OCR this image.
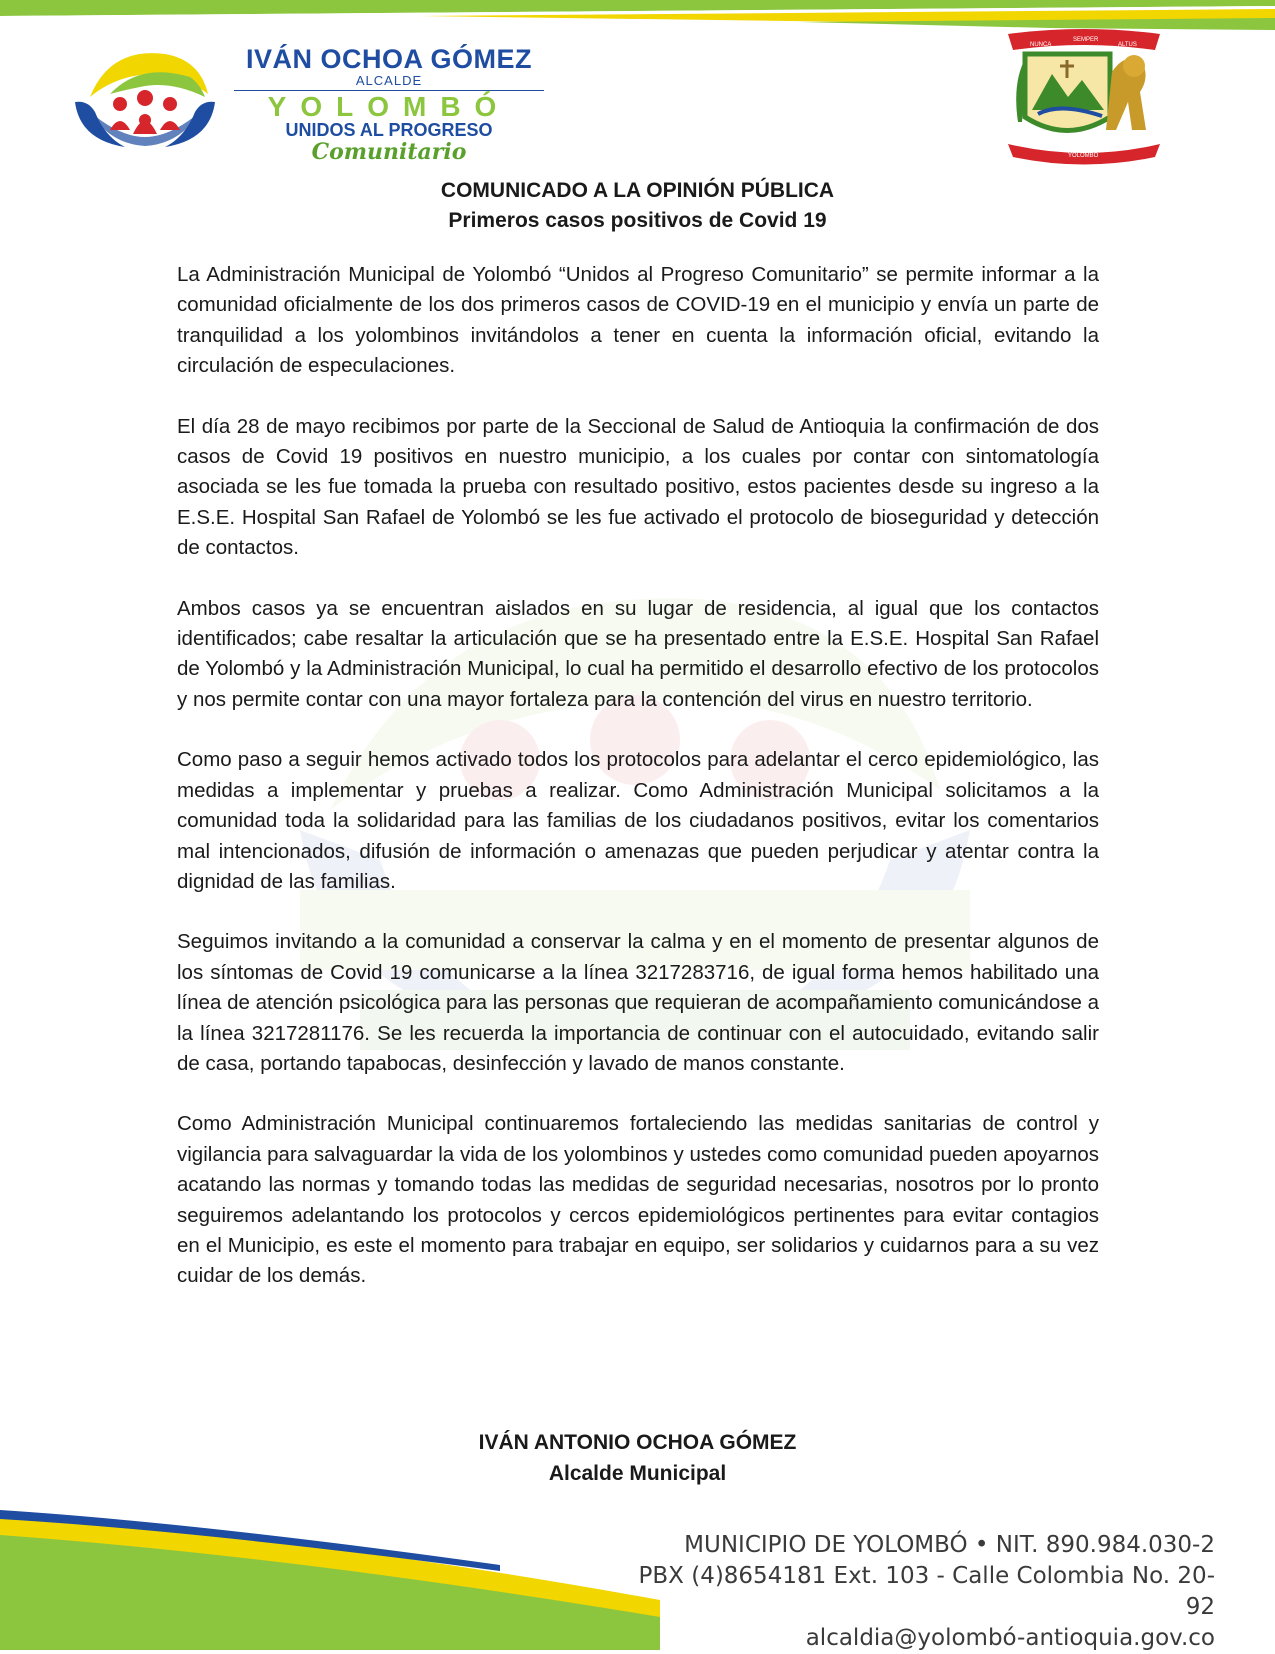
IVÁN OCHOA GÓMEZ
ALCALDE
YOLOMBÓ
UNIDOS AL PROGRESO
Comunitario
NUNCA
SEMPER
ALTUS
YOLOMBÓ
COMUNICADO A LA OPINIÓN PÚBLICA
Primeros casos positivos de Covid 19

La Administración Municipal de Yolombó “Unidos al Progreso Comunitario” se permite informar a la comunidad oficialmente de los dos primeros casos de COVID-19 en el municipio y envía un parte de tranquilidad a los yolombinos invitándolos a tener en cuenta la información oficial, evitando la circulación de especulaciones.

El día 28 de mayo recibimos por parte de la Seccional de Salud de Antioquia la confirmación de dos casos de Covid 19 positivos en nuestro municipio, a los cuales por contar con sintomatología asociada se les fue tomada la prueba con resultado positivo, estos pacientes desde su ingreso a la E.S.E. Hospital San Rafael de Yolombó se les fue activado el protocolo de bioseguridad y detección de contactos.

Ambos casos ya se encuentran aislados en su lugar de residencia, al igual que los contactos identificados; cabe resaltar la articulación que se ha presentado entre la E.S.E. Hospital San Rafael de Yolombó y la Administración Municipal, lo cual ha permitido el desarrollo efectivo de los protocolos y nos permite contar con una mayor fortaleza para la contención del virus en nuestro territorio.

Como paso a seguir hemos activado todos los protocolos para adelantar el cerco epidemiológico, las medidas a implementar y pruebas a realizar. Como Administración Municipal solicitamos a la comunidad toda la solidaridad para las familias de los ciudadanos positivos, evitar los comentarios mal intencionados, difusión de información o amenazas que pueden perjudicar y atentar contra la dignidad de las familias.

Seguimos invitando a la comunidad a conservar la calma y en el momento de presentar algunos de los síntomas de Covid 19 comunicarse a la línea 3217283716, de igual forma hemos habilitado una línea de atención psicológica para las personas que requieran de acompañamiento comunicándose a la línea 3217281176. Se les recuerda la importancia de continuar con el autocuidado, evitando salir de casa, portando tapabocas, desinfección y lavado de manos constante.

Como Administración Municipal continuaremos fortaleciendo las medidas sanitarias de control y vigilancia para salvaguardar la vida de los yolombinos y ustedes como comunidad pueden apoyarnos acatando las normas y tomando todas las medidas de seguridad necesarias, nosotros por lo pronto seguiremos adelantando los protocolos y cercos epidemiológicos pertinentes para evitar contagios en el Municipio, es este el momento para trabajar en equipo, ser solidarios y cuidarnos para a su vez cuidar de los demás.

IVÁN ANTONIO OCHOA GÓMEZ
Alcalde Municipal
MUNICIPIO DE YOLOMBÓ • NIT. 890.984.030-2
PBX (4)8654181 Ext. 103 - Calle Colombia No. 20-92
alcaldia@yolombó-antioquia.gov.co
